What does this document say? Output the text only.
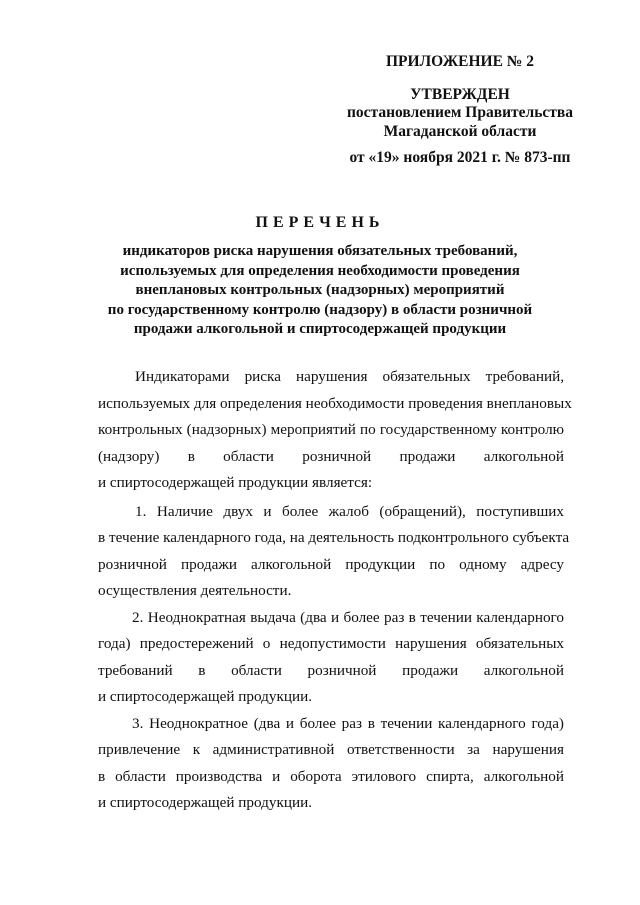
ПРИЛОЖЕНИЕ № 2
УТВЕРЖДЕН
постановлением Правительства
Магаданской области
от «19» ноября 2021 г. № 873-пп
ПЕРЕЧЕНЬ
индикаторов риска нарушения обязательных требований,
используемых для определения необходимости проведения
внеплановых контрольных (надзорных) мероприятий
по государственному контролю (надзору) в области розничной
продажи алкогольной и спиртосодержащей продукции
Индикаторами риска нарушения обязательных требований,
используемых для определения необходимости проведения внеплановых
контрольных (надзорных) мероприятий по государственному контролю
(надзору) в области розничной продажи алкогольной
и спиртосодержащей продукции является:
1. Наличие двух и более жалоб (обращений), поступивших
в течение календарного года, на деятельность подконтрольного субъекта
розничной продажи алкогольной продукции по одному адресу
осуществления деятельности.
2. Неоднократная выдача (два и более раз в течении календарного
года) предостережений о недопустимости нарушения обязательных
требований в области розничной продажи алкогольной
и спиртосодержащей продукции.
3. Неоднократное (два и более раз в течении календарного года)
привлечение к административной ответственности за нарушения
в области производства и оборота этилового спирта, алкогольной
и спиртосодержащей продукции.
